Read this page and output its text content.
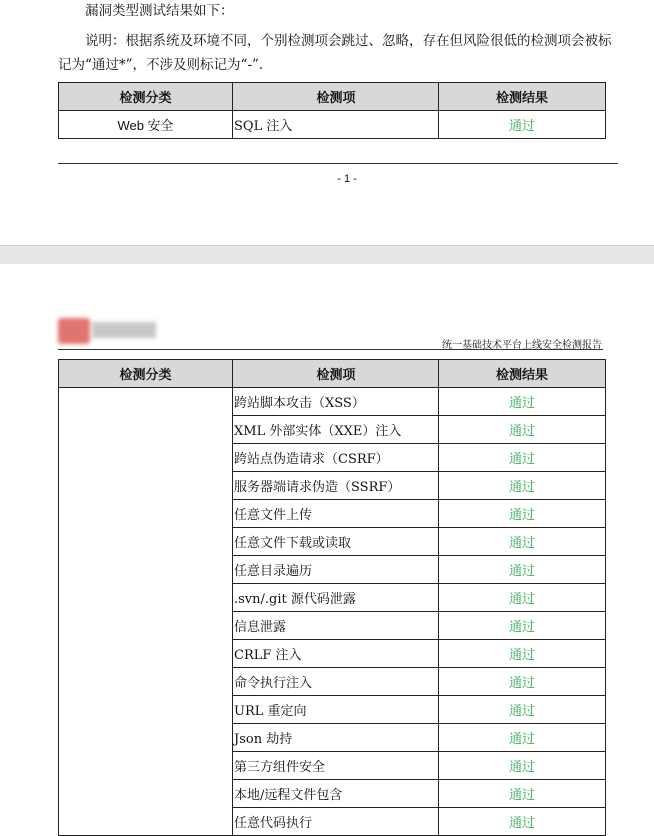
漏洞类型测试结果如下：
说明：根据系统及环境不同，个别检测项会跳过、忽略，存在但风险很低的检测项会被标记为“通过*”，不涉及则标记为“-”．
检测分类	检测项	检测结果
Web 安全	SQL 注入	通过
- 1 -
统一基础技术平台上线安全检测报告
检测分类	检测项	检测结果
	跨站脚本攻击（XSS）	通过
	XML 外部实体（XXE）注入	通过
	跨站点伪造请求（CSRF）	通过
	服务器端请求伪造（SSRF）	通过
	任意文件上传	通过
	任意文件下载或读取	通过
	任意目录遍历	通过
	.svn/.git 源代码泄露	通过
	信息泄露	通过
	CRLF 注入	通过
	命令执行注入	通过
	URL 重定向	通过
	Json 劫持	通过
	第三方组件安全	通过
	本地/远程文件包含	通过
	任意代码执行	通过
